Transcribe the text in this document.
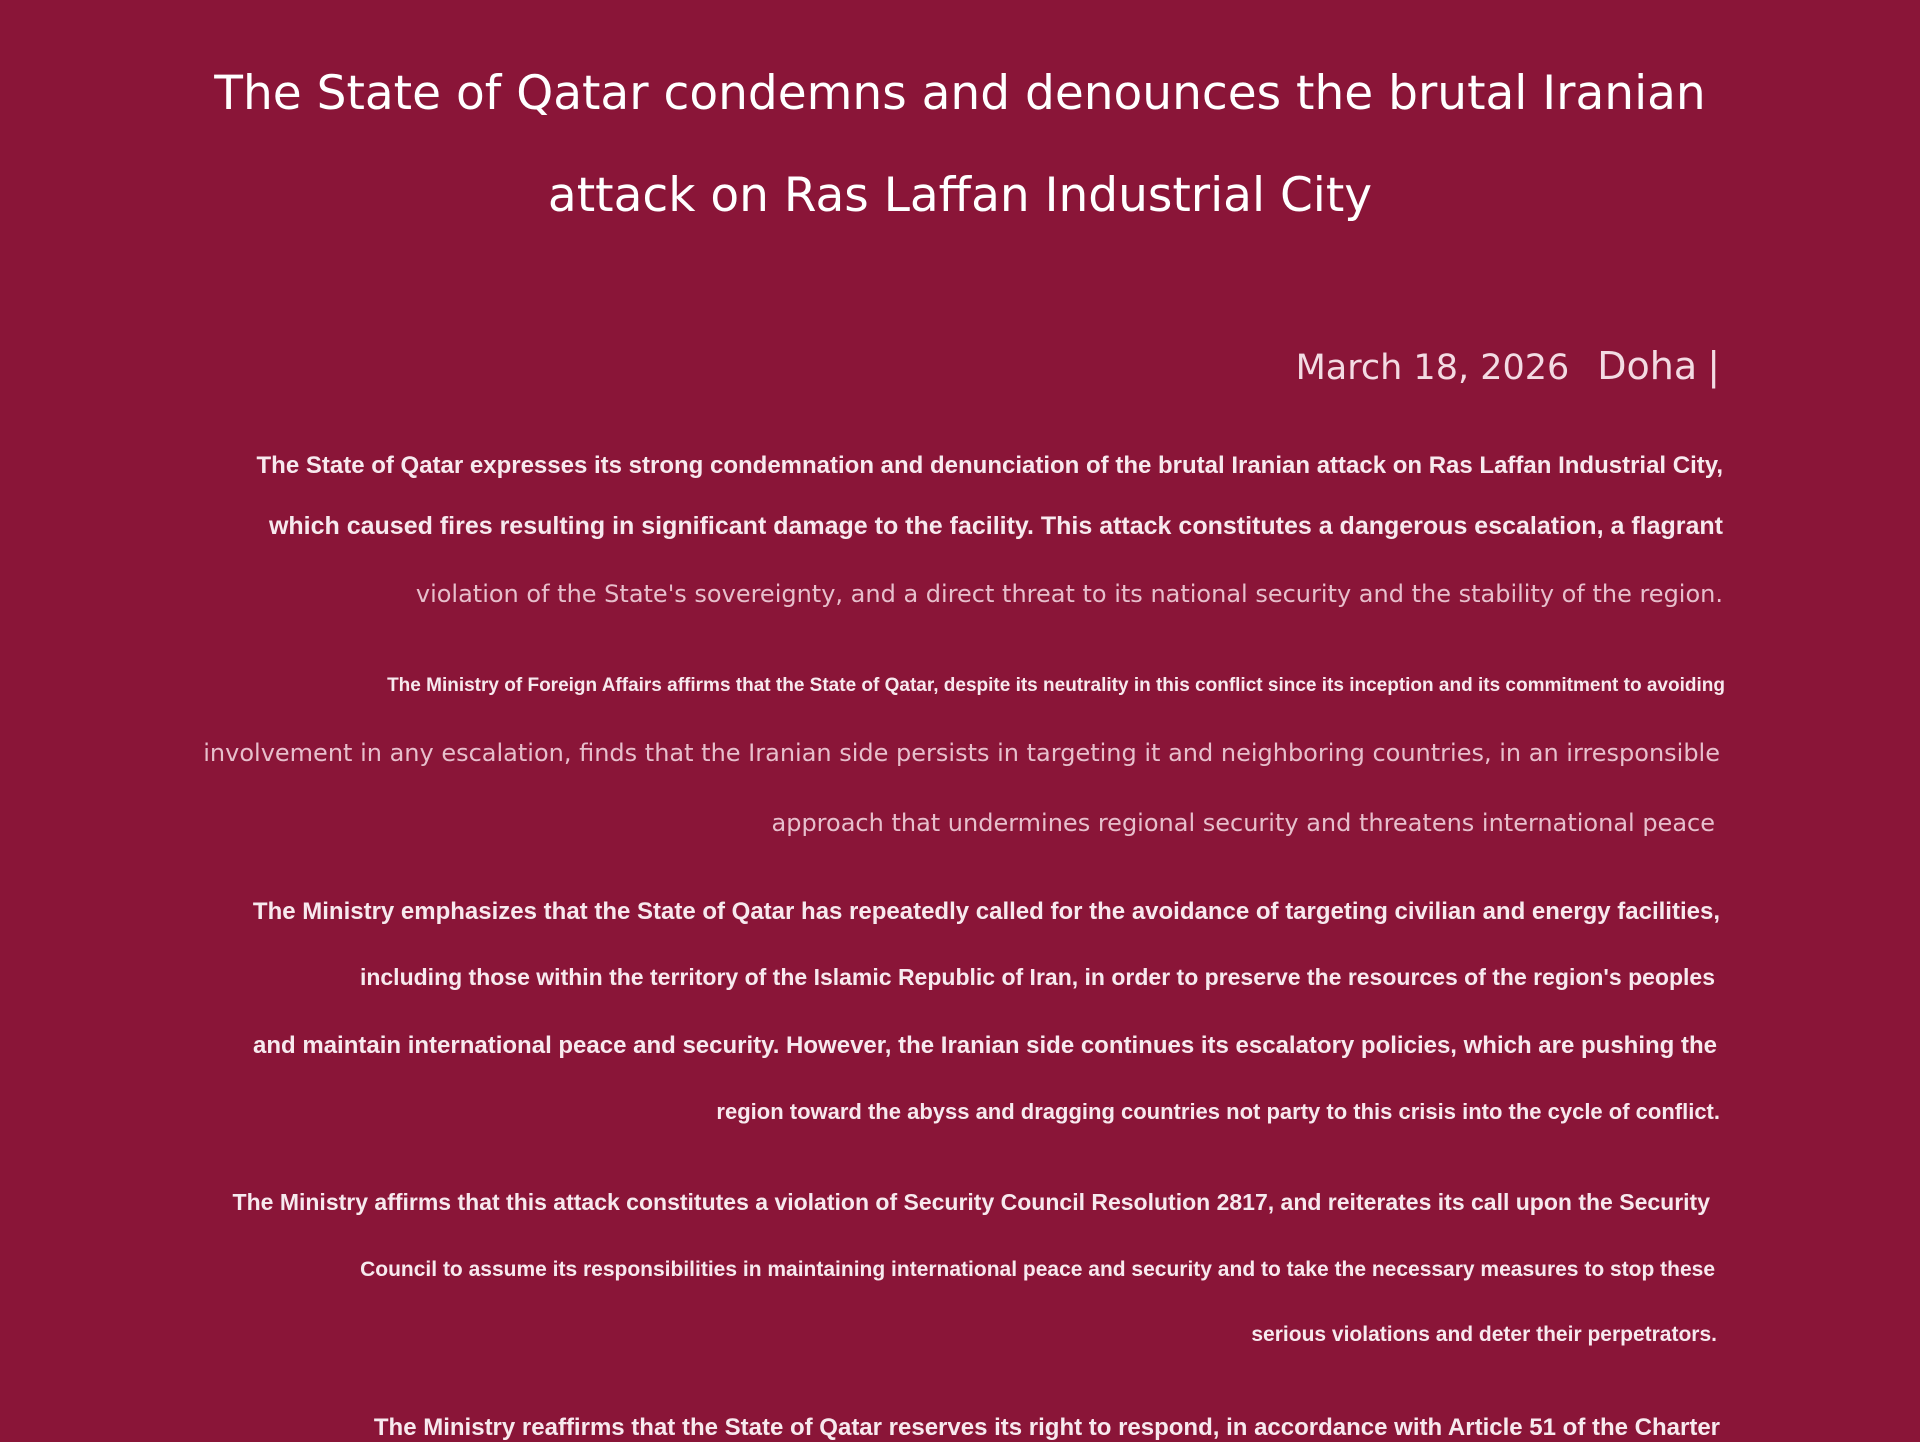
The State of Qatar condemns and denounces the brutal Iranian
attack on Ras Laffan Industrial City
March 18, 2026 Doha |
The State of Qatar expresses its strong condemnation and denunciation of the brutal Iranian attack on Ras Laffan Industrial City,
which caused fires resulting in significant damage to the facility. This attack constitutes a dangerous escalation, a flagrant
violation of the State's sovereignty, and a direct threat to its national security and the stability of the region.
The Ministry of Foreign Affairs affirms that the State of Qatar, despite its neutrality in this conflict since its inception and its commitment to avoiding
involvement in any escalation, finds that the Iranian side persists in targeting it and neighboring countries, in an irresponsible
approach that undermines regional security and threatens international peace
The Ministry emphasizes that the State of Qatar has repeatedly called for the avoidance of targeting civilian and energy facilities,
including those within the territory of the Islamic Republic of Iran, in order to preserve the resources of the region's peoples
and maintain international peace and security. However, the Iranian side continues its escalatory policies, which are pushing the
region toward the abyss and dragging countries not party to this crisis into the cycle of conflict.
The Ministry affirms that this attack constitutes a violation of Security Council Resolution 2817, and reiterates its call upon the Security
Council to assume its responsibilities in maintaining international peace and security and to take the necessary measures to stop these
serious violations and deter their perpetrators.
The Ministry reaffirms that the State of Qatar reserves its right to respond, in accordance with Article 51 of the Charter
